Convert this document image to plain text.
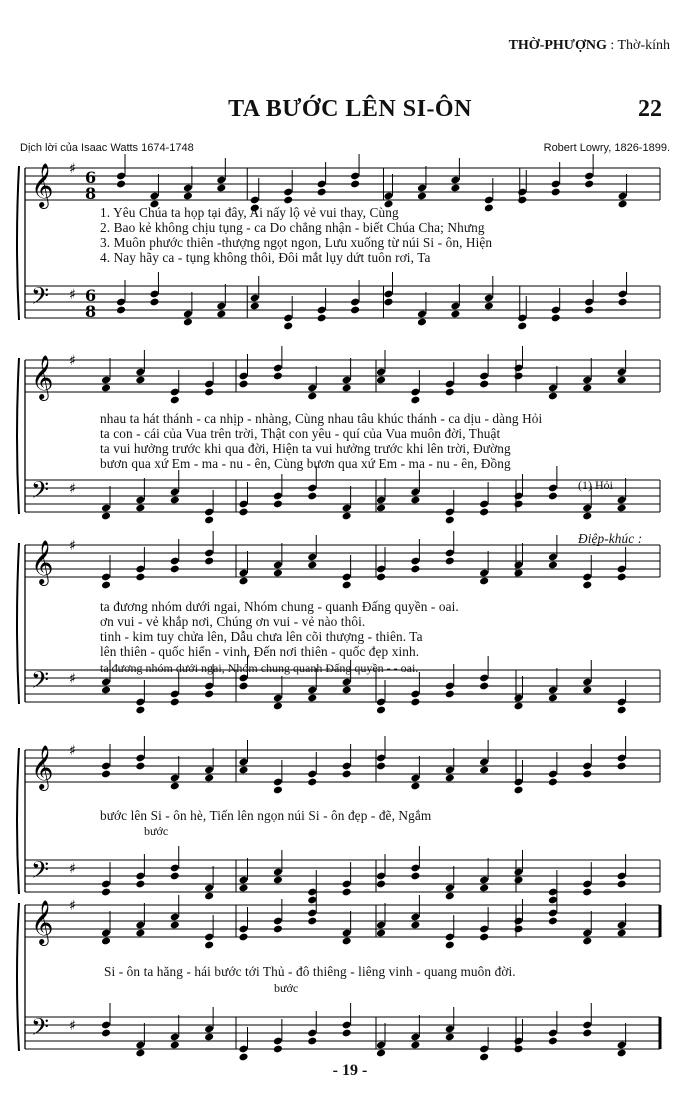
THỜ-PHƯỢNG : Thờ-kính
TA BƯỚC LÊN SI-ÔN	22
Dịch lời của Isaac Watts 1674-1748	Robert Lowry, 1826-1899.
𝄞 ♯ 6
8
𝄢 ♯ 6
8
𝄞 ♯
𝄢 ♯
𝄞 ♯
𝄢 ♯
𝄞 ♯
𝄢 ♯
𝄞 ♯
𝄢 ♯
1. Yêu Chúa ta họp tại đây, Ai nấy lộ vẻ vui thay, Cùng
2. Bao kẻ không chịu tụng - ca Do chẳng nhận - biết Chúa Cha; Nhưng
3. Muôn phước thiên -thượng ngọt ngon, Lưu xuống từ núi Si - ôn, Hiện
4. Nay hãy ca - tụng không thôi, Đôi mắt lụy dứt tuôn rơi, Ta
nhau ta hát thánh - ca nhịp - nhàng, Cùng nhau tâu khúc thánh - ca dịu - dàng Hỏi
ta con - cái của Vua trên trời, Thật con yêu - quí của Vua muôn đời, Thuật
ta vui hưởng trước khi qua đời, Hiện ta vui hưởng trước khi lên trời, Đường
bươn qua xứ Em - ma - nu - ên, Cùng bươn qua xứ Em - ma - nu - ên, Đồng
(1) Hỏi
Điệp-khúc :
ta đương nhóm dưới ngai, Nhóm chung - quanh Đấng quyền - oai.
ơn vui - vẻ khắp nơi, Chúng ơn vui - vẻ nào thôi.
tinh - kim tuy chửa lên, Dẫu chưa lên cõi thượng - thiên. Ta
lên thiên - quốc hiển - vinh, Đến nơi thiên - quốc đẹp xinh.
ta đương nhóm dưới ngai, Nhóm chung quanh Đấng quyền - - oai.
bước lên Si - ôn hè, Tiến lên ngọn núi Si - ôn đẹp - đẽ, Ngắm
bước
Si - ôn ta hăng - hái bước tới Thủ - đô thiêng - liêng vinh - quang muôn đời.
bước
- 19 -
